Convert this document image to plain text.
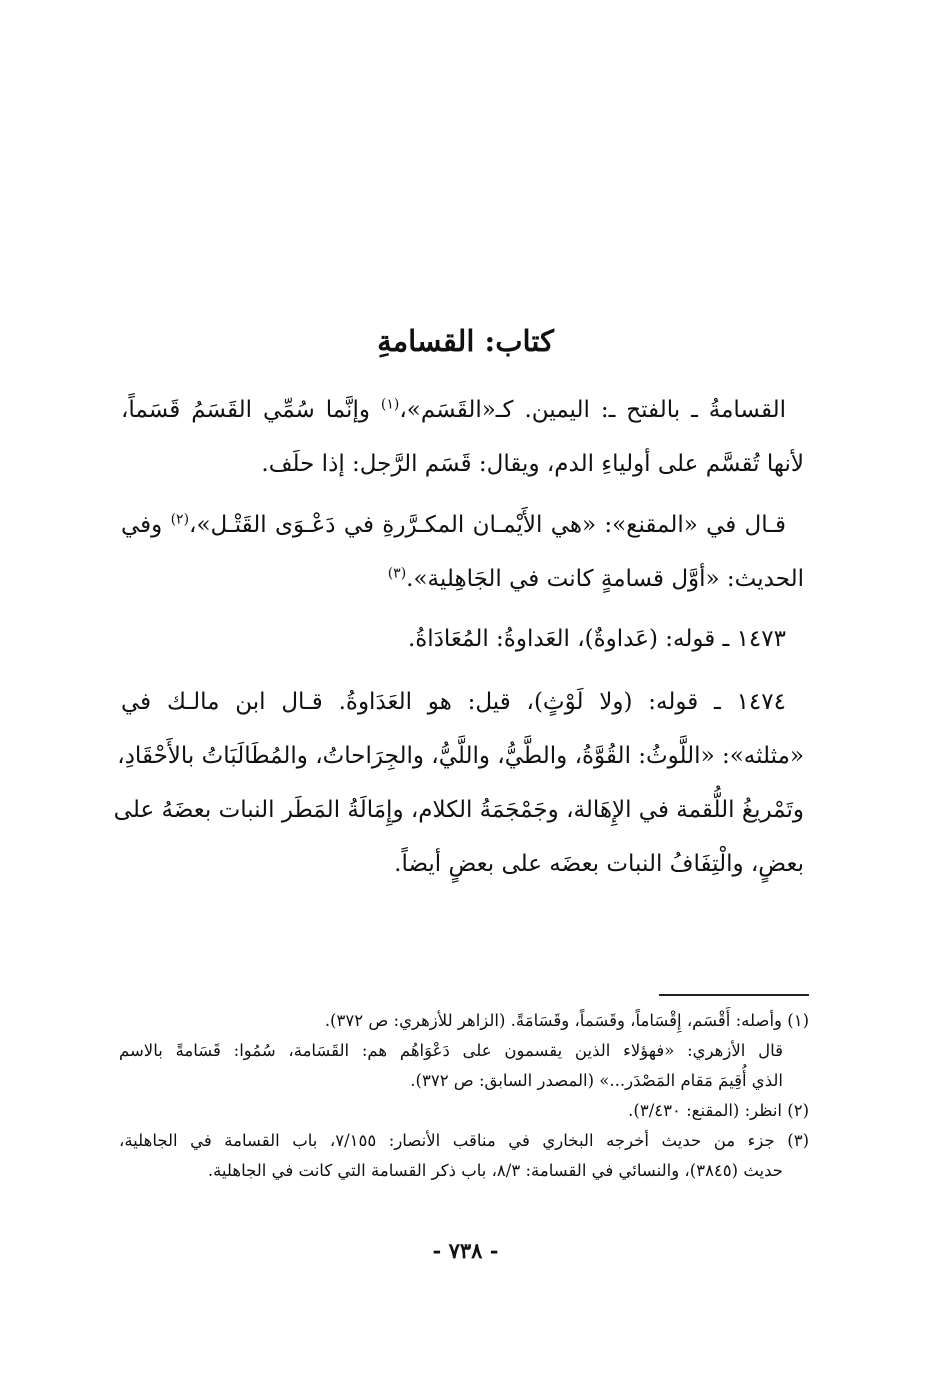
كتاب: القسامةِ
القسامةُ ـ بالفتح ـ: اليمين. كـ«القَسَم»،$^{(١)}$ وإنَّما سُمِّي القَسَمُ قَسَماً،
لأنها تُقسَّم على أولياءِ الدم، ويقال: قَسَم الرَّجل: إذا حلَف.
قـال في «المقنع»: «هي الأَيْمـان المكـرَّرةِ في دَعْـوَى القَتْـل»،$^{(٢)}$ وفي
الحديث: «أوَّل قسامةٍ كانت في الجَاهِلية».$^{(٣)}$
١٤٧٣ ـ قوله: (عَداوةٌ)، العَداوةُ: المُعَادَاةُ.
١٤٧٤ ـ قوله: (ولا لَوْثٍ)، قيل: هو العَدَاوةُ. قـال ابن مالـك في
«مثلثه»: «اللَّوثُ: القُوَّةُ، والطَّيُّ، واللَّيُّ، والجِرَاحاتُ، والمُطَالَبَاتُ بالأَحْقَادِ،
وتَمْريغُ اللُّقمة في الإِهَالة، وجَمْجَمَةُ الكلام، وإِمَالَةُ المَطَر النبات بعضَهُ على
بعضٍ، والْتِفَافُ النبات بعضَه على بعضٍ أيضاً.
(١) وأصله: أَقْسَم، إِقْسَاماً، وقَسَماً، وقَسَامَةً. (الزاهر للأزهري: ص ٣٧٢).
قال الأزهري: «فهؤلاء الذين يقسمون على دَعْوَاهُم هم: القَسَامة، سُمُوا: قَسَامةً بالاسم
الذي أُقِيمَ مَقام المَصْدَر...» (المصدر السابق: ص ٣٧٢).
(٢) انظر: (المقنع: ٣/٤٣٠).
(٣) جزء من حديث أخرجه البخاري في مناقب الأنصار: ٧/١٥٥، باب القسامة في الجاهلية،
حديث (٣٨٤٥)، والنسائي في القسامة: ٨/٣، باب ذكر القسامة التي كانت في الجاهلية.
- ٧٣٨ -
